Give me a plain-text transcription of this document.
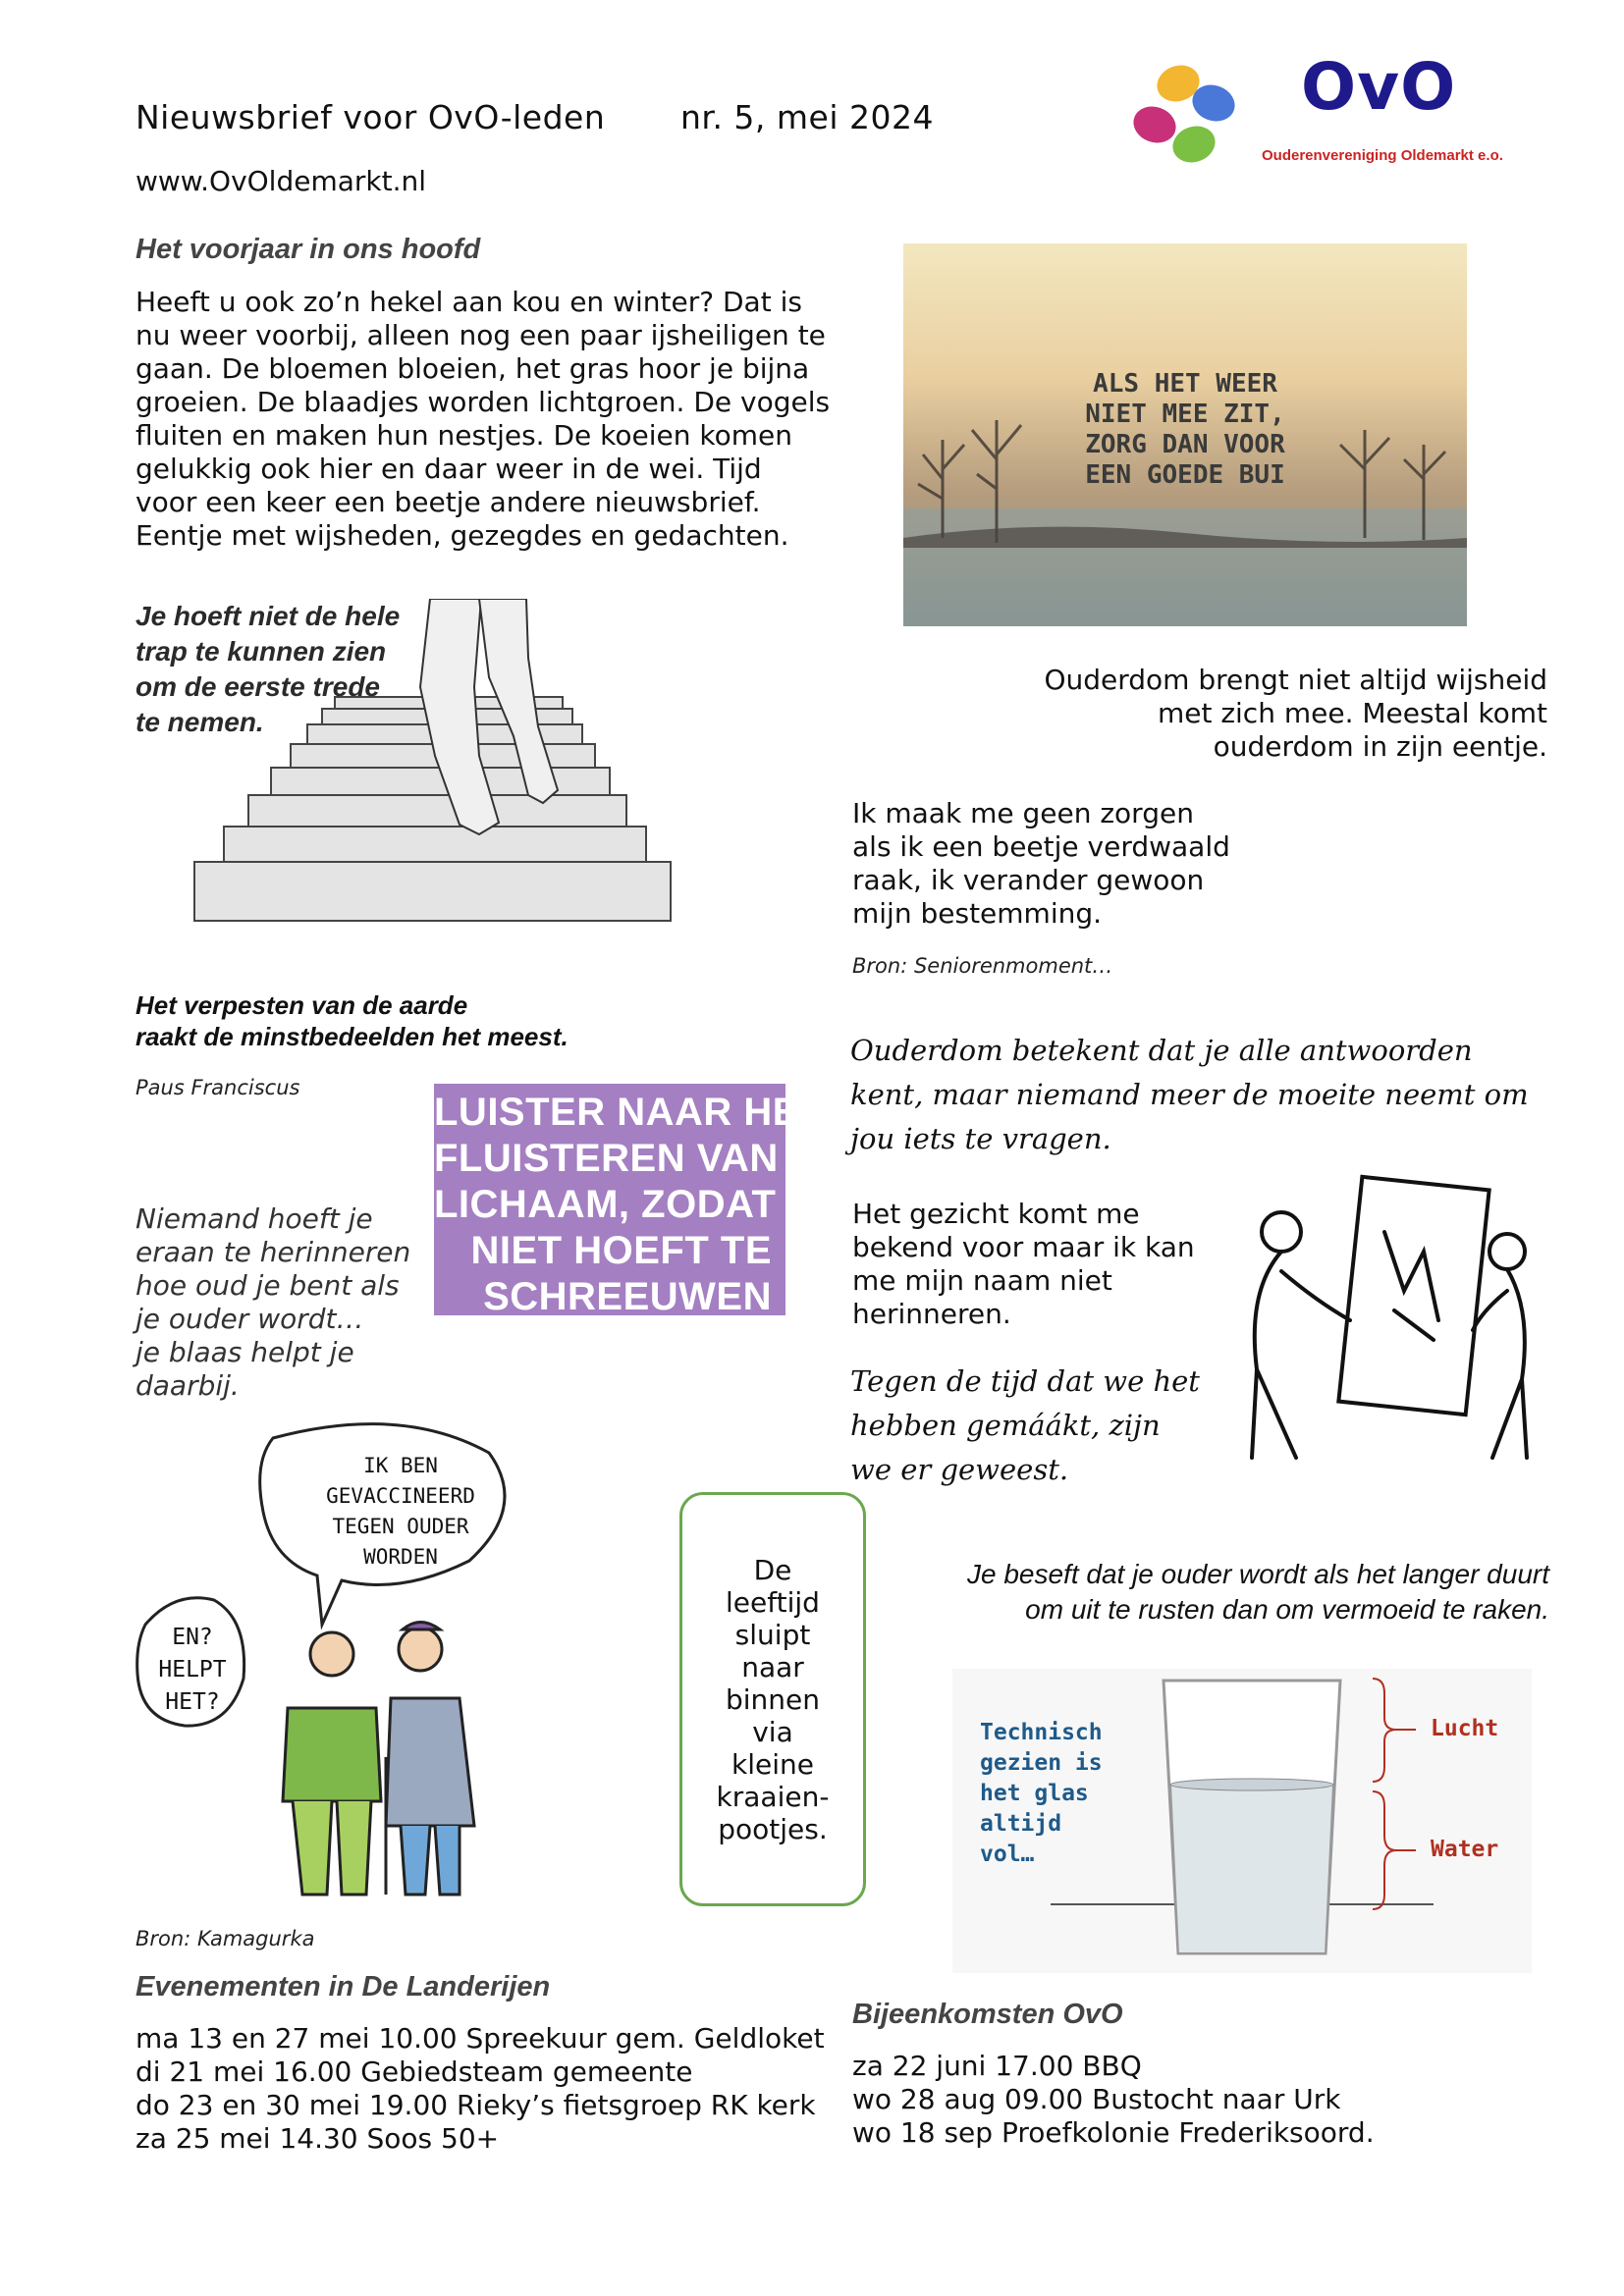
Nieuwsbrief voor OvO-leden nr. 5, mei 2024
www.OvOldemarkt.nl
OvO
Ouderenvereniging Oldemarkt e.o.
Het voorjaar in ons hoofd
Heeft u ook zo’n hekel aan kou en winter? Dat is
nu weer voorbij, alleen nog een paar ijsheiligen te
gaan. De bloemen bloeien, het gras hoor je bijna
groeien. De blaadjes worden lichtgroen. De vogels
fluiten en maken hun nestjes. De koeien komen
gelukkig ook hier en daar weer in de wei. Tijd
voor een keer een beetje andere nieuwsbrief.
Eentje met wijsheden, gezegdes en gedachten.
ALS HET WEER
NIET MEE ZIT,
ZORG DAN VOOR
EEN GOEDE BUI
Je hoeft niet de hele
trap te kunnen zien
om de eerste trede
te nemen.
Ouderdom brengt niet altijd wijsheid
met zich mee. Meestal komt
ouderdom in zijn eentje.
Ik maak me geen zorgen
als ik een beetje verdwaald
raak, ik verander gewoon
mijn bestemming.
Bron: Seniorenmoment…
Het verpesten van de aarde
raakt de minstbedeelden het meest.
Paus Franciscus
Ouderdom betekent dat je alle antwoorden
kent, maar niemand meer de moeite neemt om
jou iets te vragen.
LUISTER NAAR HET
FLUISTEREN VAN JE
LICHAAM, ZODAT HET
NIET HOEFT TE
SCHREEUWEN
Niemand hoeft je
eraan te herinneren
hoe oud je bent als
je ouder wordt…
je blaas helpt je
daarbij.
Het gezicht komt me
bekend voor maar ik kan
me mijn naam niet
herinneren.
Tegen de tijd dat we het
hebben gemáákt, zijn
we er geweest.
IK BEN
GEVACCINEERD
TEGEN OUDER
WORDEN
EN?
HELPT
HET?
Bron: Kamagurka
De
leeftijd
sluipt
naar
binnen
via
kleine
kraaien-
pootjes.
Je beseft dat je ouder wordt als het langer duurt
om uit te rusten dan om vermoeid te raken.
Technisch
gezien is
het glas
altijd
vol…
Lucht
Water
Evenementen in De Landerijen
ma 13 en 27 mei 10.00 Spreekuur gem. Geldloket
di 21 mei 16.00 Gebiedsteam gemeente
do 23 en 30 mei 19.00 Rieky’s fietsgroep RK kerk
za 25 mei 14.30 Soos 50+
Bijeenkomsten OvO
za 22 juni 17.00 BBQ
wo 28 aug 09.00 Bustocht naar Urk
wo 18 sep Proefkolonie Frederiksoord.
